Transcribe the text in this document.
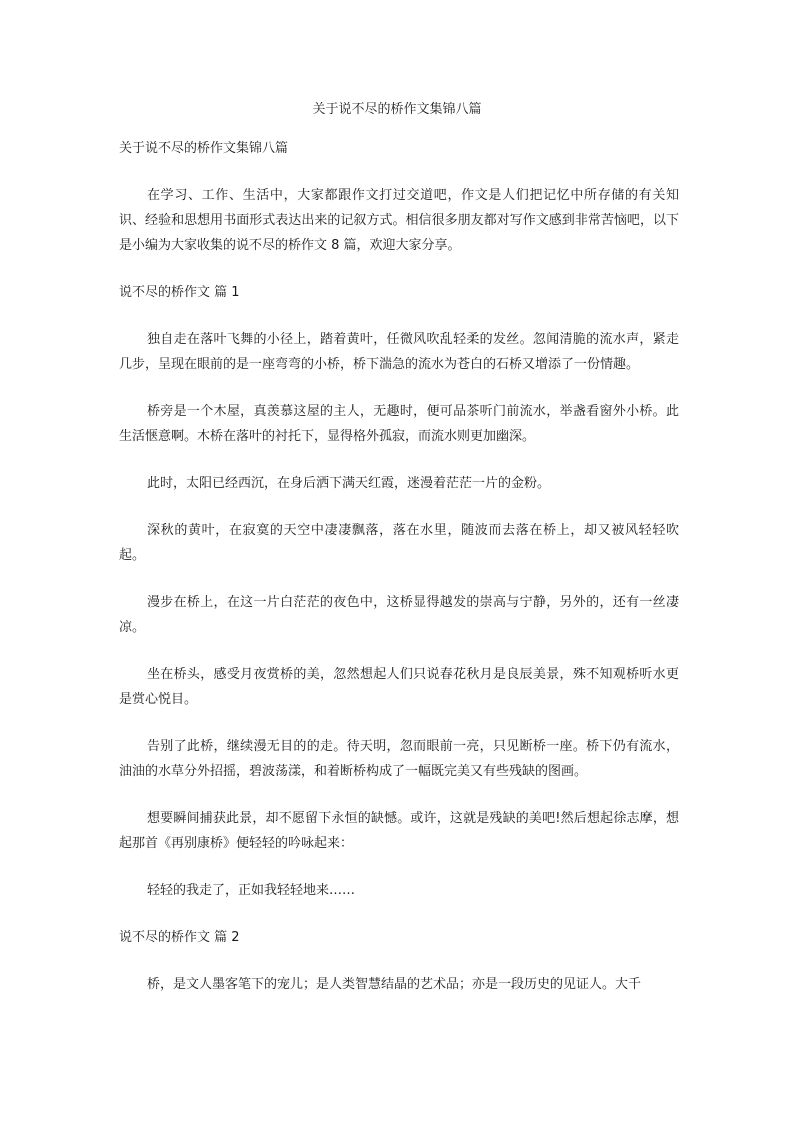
关于说不尽的桥作文集锦八篇

关于说不尽的桥作文集锦八篇

在学习、工作、生活中，大家都跟作文打过交道吧，作文是人们把记忆中所存储的有关知识、经验和思想用书面形式表达出来的记叙方式。相信很多朋友都对写作文感到非常苦恼吧，以下是小编为大家收集的说不尽的桥作文 8 篇，欢迎大家分享。

说不尽的桥作文 篇 1

独自走在落叶飞舞的小径上，踏着黄叶，任微风吹乱轻柔的发丝。忽闻清脆的流水声，紧走几步，呈现在眼前的是一座弯弯的小桥，桥下湍急的流水为苍白的石桥又增添了一份情趣。

桥旁是一个木屋，真羡慕这屋的主人，无趣时，便可品茶听门前流水，举盏看窗外小桥。此生活惬意啊。木桥在落叶的衬托下，显得格外孤寂，而流水则更加幽深。

此时，太阳已经西沉，在身后洒下满天红霞，迷漫着茫茫一片的金粉。

深秋的黄叶，在寂寞的天空中凄凄飘落，落在水里，随波而去落在桥上，却又被风轻轻吹起。

漫步在桥上，在这一片白茫茫的夜色中，这桥显得越发的崇高与宁静，另外的，还有一丝凄凉。

坐在桥头，感受月夜赏桥的美，忽然想起人们只说春花秋月是良辰美景，殊不知观桥听水更是赏心悦目。

告别了此桥，继续漫无目的的走。待天明，忽而眼前一亮，只见断桥一座。桥下仍有流水，油油的水草分外招摇，碧波荡漾，和着断桥构成了一幅既完美又有些残缺的图画。

想要瞬间捕获此景，却不愿留下永恒的缺憾。或许，这就是残缺的美吧!然后想起徐志摩，想起那首《再别康桥》便轻轻的吟咏起来：

轻轻的我走了，正如我轻轻地来……

说不尽的桥作文 篇 2

桥，是文人墨客笔下的宠儿；是人类智慧结晶的艺术品；亦是一段历史的见证人。大千
